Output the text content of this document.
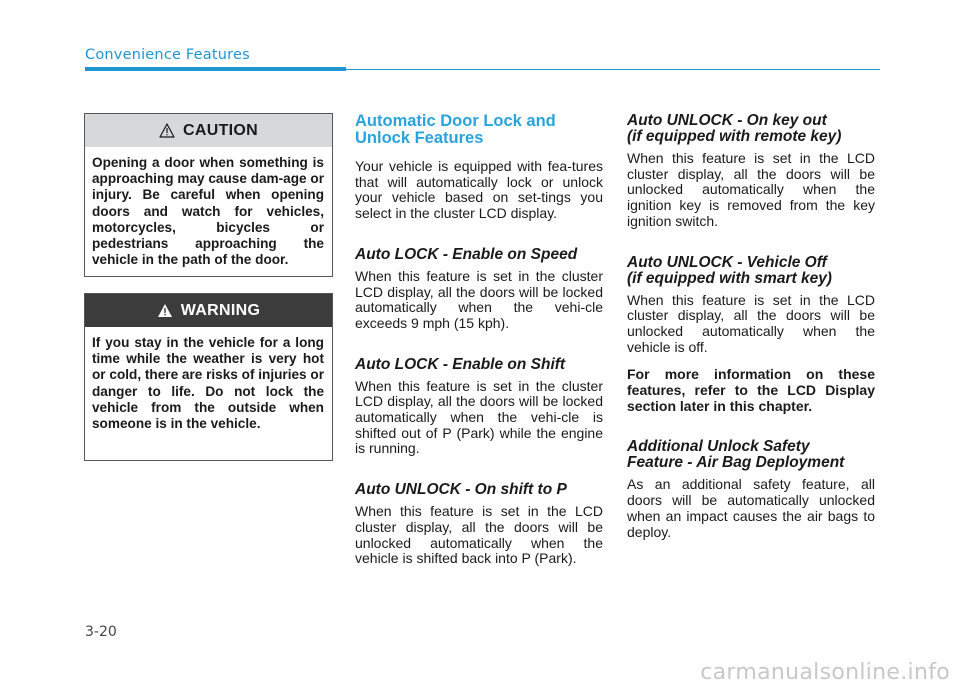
Convenience Features
CAUTION
Opening a door when something is approaching may cause dam-age or injury. Be careful when opening doors and watch for vehicles, motorcycles, bicycles or pedestrians approaching the vehicle in the path of the door.
WARNING
If you stay in the vehicle for a long time while the weather is very hot or cold, there are risks of injuries or danger to life. Do not lock the vehicle from the outside when someone is in the vehicle.
Automatic Door Lock and Unlock Features
Your vehicle is equipped with fea-tures that will automatically lock or unlock your vehicle based on set-tings you select in the cluster LCD display.
Auto LOCK - Enable on Speed
When this feature is set in the cluster LCD display, all the doors will be locked automatically when the vehi-cle exceeds 9 mph (15 kph).
Auto LOCK - Enable on Shift
When this feature is set in the cluster LCD display, all the doors will be locked automatically when the vehi-cle is shifted out of P (Park) while the engine is running.
Auto UNLOCK - On shift to P
When this feature is set in the LCD cluster display, all the doors will be unlocked automatically when the vehicle is shifted back into P (Park).
Auto UNLOCK - On key out
(if equipped with remote key)
When this feature is set in the LCD cluster display, all the doors will be unlocked automatically when the ignition key is removed from the key ignition switch.
Auto UNLOCK - Vehicle Off
(if equipped with smart key)
When this feature is set in the LCD cluster display, all the doors will be unlocked automatically when the vehicle is off.
For more information on these features, refer to the LCD Display section later in this chapter.
Additional Unlock Safety
Feature - Air Bag Deployment
As an additional safety feature, all doors will be automatically unlocked when an impact causes the air bags to deploy.
3-20
carmanualsonline.info
